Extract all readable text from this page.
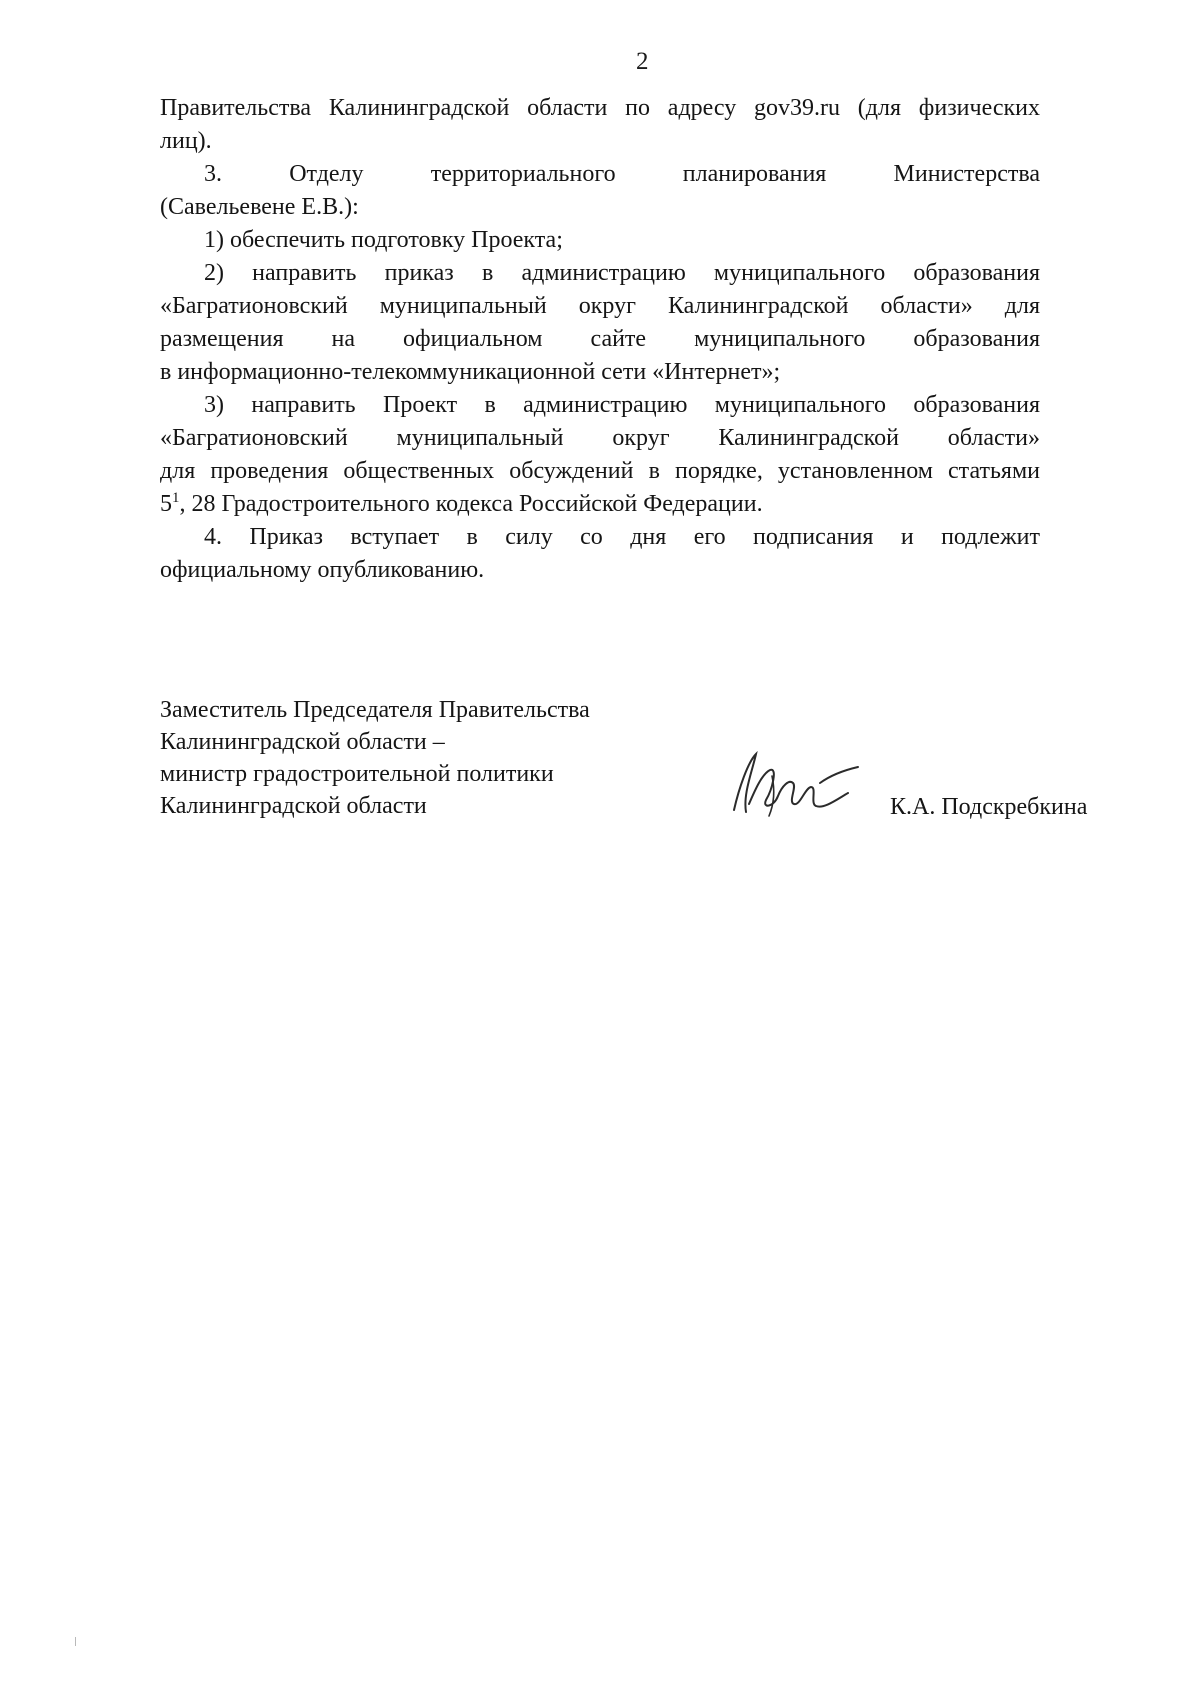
2
Правительства Калининградской области по адресу gov39.ru (для физических
лиц).
3. Отделу территориального планирования Министерства
(Савельевене Е.В.):
1) обеспечить подготовку Проекта;
2) направить приказ в администрацию муниципального образования
«Багратионовский муниципальный округ Калининградской области» для
размещения на официальном сайте муниципального образования
в информационно-телекоммуникационной сети «Интернет»;
3) направить Проект в администрацию муниципального образования
«Багратионовский муниципальный округ Калининградской области»
для проведения общественных обсуждений в порядке, установленном статьями
$5^1$, 28 Градостроительного кодекса Российской Федерации.
4. Приказ вступает в силу со дня его подписания и подлежит
официальному опубликованию.
Заместитель Председателя Правительства
Калининградской области –
министр градостроительной политики
Калининградской области	К.А. Подскребкина
